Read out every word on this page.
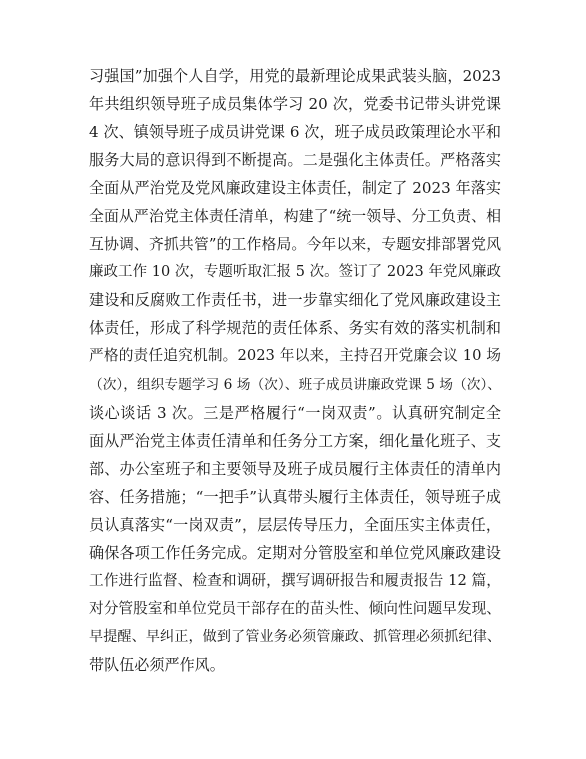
习强国”加强个人自学，用党的最新理论成果武装头脑，2023
年共组织领导班子成员集体学习 20 次，党委书记带头讲党课
4 次、镇领导班子成员讲党课 6 次，班子成员政策理论水平和
服务大局的意识得到不断提高。二是强化主体责任。严格落实
全面从严治党及党风廉政建设主体责任，制定了 2023 年落实
全面从严治党主体责任清单，构建了“统一领导、分工负责、相
互协调、齐抓共管”的工作格局。今年以来，专题安排部署党风
廉政工作 10 次，专题听取汇报 5 次。签订了 2023 年党风廉政
建设和反腐败工作责任书，进一步靠实细化了党风廉政建设主
体责任，形成了科学规范的责任体系、务实有效的落实机制和
严格的责任追究机制。2023 年以来，主持召开党廉会议 10 场
（次），组织专题学习 6 场（次）、班子成员讲廉政党课 5 场（次）、
谈心谈话 3 次。三是严格履行“一岗双责”。认真研究制定全
面从严治党主体责任清单和任务分工方案，细化量化班子、支
部、办公室班子和主要领导及班子成员履行主体责任的清单内
容、任务措施；“一把手”认真带头履行主体责任，领导班子成
员认真落实“一岗双责”，层层传导压力，全面压实主体责任，
确保各项工作任务完成。定期对分管股室和单位党风廉政建设
工作进行监督、检查和调研，撰写调研报告和履责报告 12 篇，
对分管股室和单位党员干部存在的苗头性、倾向性问题早发现、
早提醒、早纠正，做到了管业务必须管廉政、抓管理必须抓纪律、
带队伍必须严作风。
